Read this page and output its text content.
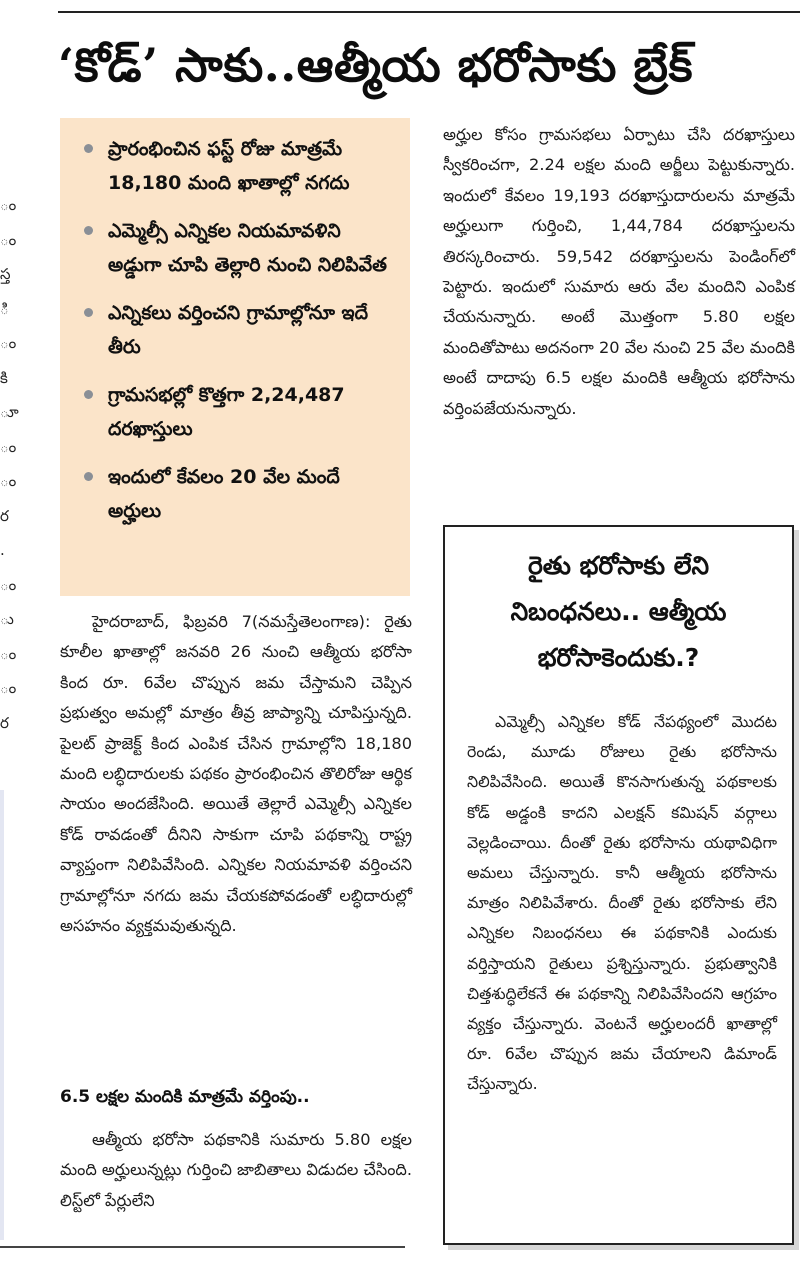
‘కోడ్’ సాకు..ఆత్మీయ భరోసాకు బ్రేక్
ం
ం
స్త
ి
ం
కి
ూ
ం
ం
ర
.
ం
ు
ం
ం
ర
ప్రారంభించిన ఫస్ట్ రోజు మాత్రమే 18,180 మంది ఖాతాల్లో నగదు
ఎమ్మెల్సీ ఎన్నికల నియమావళిని అడ్డుగా చూపి తెల్లారి నుంచి నిలిపివేత
ఎన్నికలు వర్తించని గ్రామాల్లోనూ ఇదే తీరు
గ్రామసభల్లో కొత్తగా 2,24,487 దరఖాస్తులు
ఇందులో కేవలం 20 వేల మందే అర్హులు
హైదరాబాద్, ఫిబ్రవరి 7(నమస్తేతెలంగాణ): రైతు కూలీల ఖాతాల్లో జనవరి 26 నుంచి ఆత్మీయ భరోసా కింద రూ. 6వేల చొప్పున జమ చేస్తామని చెప్పిన ప్రభుత్వం అమల్లో మాత్రం తీవ్ర జాప్యాన్ని చూపిస్తున్నది. పైలట్ ప్రాజెక్ట్ కింద ఎంపిక చేసిన గ్రామాల్లోని 18,180 మంది లబ్ధిదారులకు పథకం ప్రారంభించిన తొలిరోజు ఆర్థిక సాయం అందజేసింది. అయితే తెల్లారే ఎమ్మెల్సీ ఎన్నికల కోడ్ రావడంతో దీనిని సాకుగా చూపి పథకాన్ని రాష్ట్ర వ్యాప్తంగా నిలిపివేసింది. ఎన్నికల నియమావళి వర్తించని గ్రామాల్లోనూ నగదు జమ చేయకపోవడంతో లబ్ధిదారుల్లో అసహనం వ్యక్తమవుతున్నది.
6.5 లక్షల మందికి మాత్రమే వర్తింపు..
ఆత్మీయ భరోసా పథకానికి సుమారు 5.80 లక్షల మంది అర్హులున్నట్లు గుర్తించి జాబితాలు విడుదల చేసింది. లిస్ట్‌లో పేర్లులేని
అర్హుల కోసం గ్రామసభలు ఏర్పాటు చేసి దరఖాస్తులు స్వీకరించగా, 2.24 లక్షల మంది అర్జీలు పెట్టుకున్నారు. ఇందులో కేవలం 19,193 దరఖాస్తుదారులను మాత్రమే అర్హులుగా గుర్తించి, 1,44,784 దరఖాస్తులను తిరస్కరించారు. 59,542 దరఖాస్తులను పెండింగ్‌లో పెట్టారు. ఇందులో సుమారు ఆరు వేల మందిని ఎంపిక చేయనున్నారు. అంటే మొత్తంగా 5.80 లక్షల మందితోపాటు అదనంగా 20 వేల నుంచి 25 వేల మందికి అంటే దాదాపు 6.5 లక్షల మందికి ఆత్మీయ భరోసాను వర్తింపజేయనున్నారు.
రైతు భరోసాకు లేని
నిబంధనలు.. ఆత్మీయ
భరోసాకెందుకు.?
ఎమ్మెల్సీ ఎన్నికల కోడ్ నేపథ్యంలో మొదట రెండు, మూడు రోజులు రైతు భరోసాను నిలిపివేసింది. అయితే కొనసాగుతున్న పథకాలకు కోడ్ అడ్డంకి కాదని ఎలక్షన్ కమిషన్ వర్గాలు వెల్లడించాయి. దీంతో రైతు భరోసాను యథావిధిగా అమలు చేస్తున్నారు. కానీ ఆత్మీయ భరోసాను మాత్రం నిలిపివేశారు. దీంతో రైతు భరోసాకు లేని ఎన్నికల నిబంధనలు ఈ పథకానికి ఎందుకు వర్తిస్తాయని రైతులు ప్రశ్నిస్తున్నారు. ప్రభుత్వానికి చిత్తశుద్ధిలేకనే ఈ పథకాన్ని నిలిపివేసిందని ఆగ్రహం వ్యక్తం చేస్తున్నారు. వెంటనే అర్హులందరీ ఖాతాల్లో రూ. 6వేల చొప్పున జమ చేయాలని డిమాండ్ చేస్తున్నారు.
